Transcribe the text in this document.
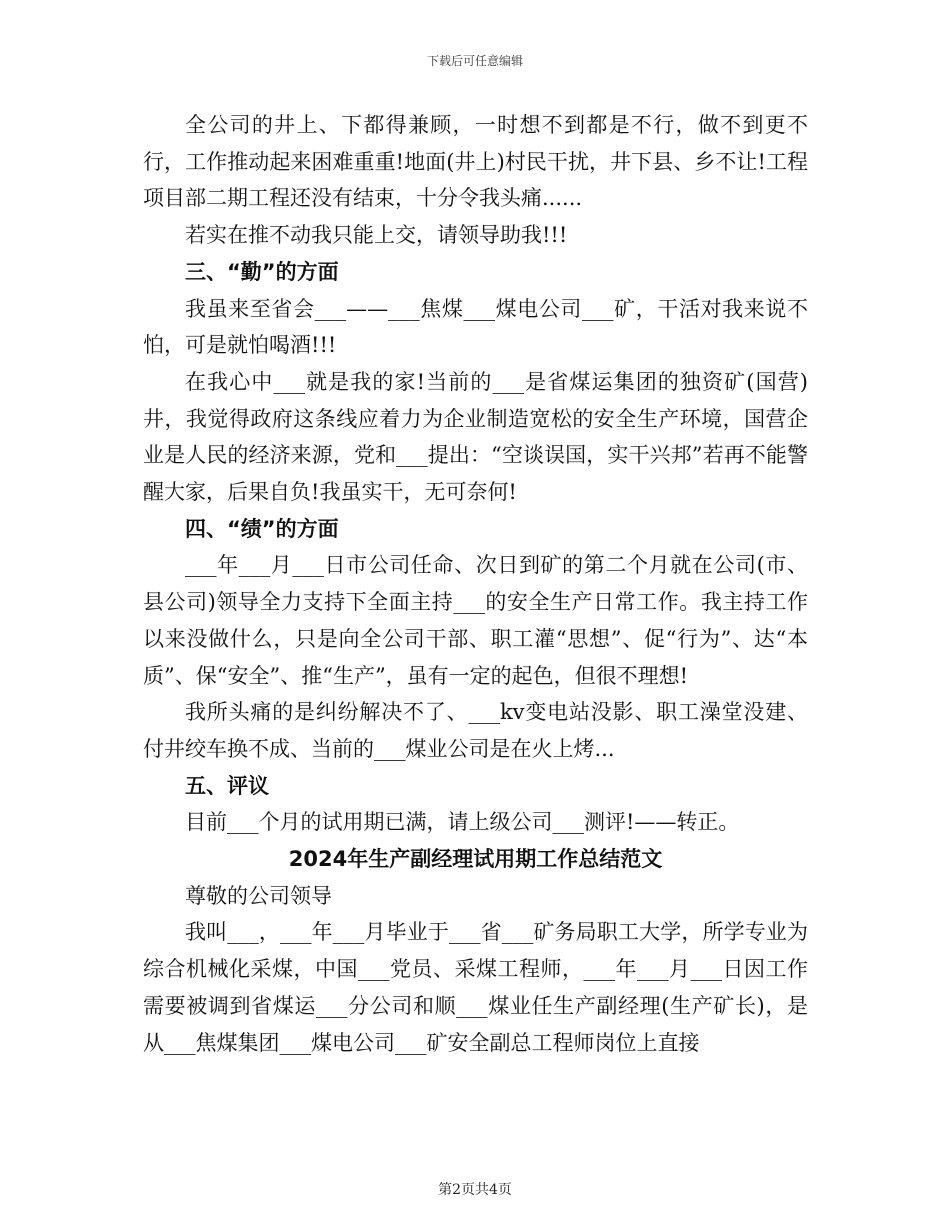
下载后可任意编辑

全公司的井上、下都得兼顾，一时想不到都是不行，做不到更不行，工作推动起来困难重重!地面(井上)村民干扰，井下县、乡不让!工程项目部二期工程还没有结束，十分令我头痛......

若实在推不动我只能上交，请领导助我!!!

三、“勤”的方面

我虽来至省会___——___焦煤___煤电公司___矿，干活对我来说不怕，可是就怕喝酒!!!

在我心中___就是我的家!当前的___是省煤运集团的独资矿(国营)井，我觉得政府这条线应着力为企业制造宽松的安全生产环境，国营企业是人民的经济来源，党和___提出：“空谈误国，实干兴邦”若再不能警醒大家，后果自负!我虽实干，无可奈何!

四、“绩”的方面

___年___月___日市公司任命、次日到矿的第二个月就在公司(市、县公司)领导全力支持下全面主持___的安全生产日常工作。我主持工作以来没做什么，只是向全公司干部、职工灌“思想”、促“行为”、达“本质”、保“安全”、推“生产”，虽有一定的起色，但很不理想!

我所头痛的是纠纷解决不了、___kv变电站没影、职工澡堂没建、付井绞车换不成、当前的___煤业公司是在火上烤...

五、评议

目前___个月的试用期已满，请上级公司___测评!——转正。

2024年生产副经理试用期工作总结范文

尊敬的公司领导

我叫___，___年___月毕业于___省___矿务局职工大学，所学专业为综合机械化采煤，中国___党员、采煤工程师，___年___月___日因工作需要被调到省煤运___分公司和顺___煤业任生产副经理(生产矿长)，是从___焦煤集团___煤电公司___矿安全副总工程师岗位上直接

第2页共4页
